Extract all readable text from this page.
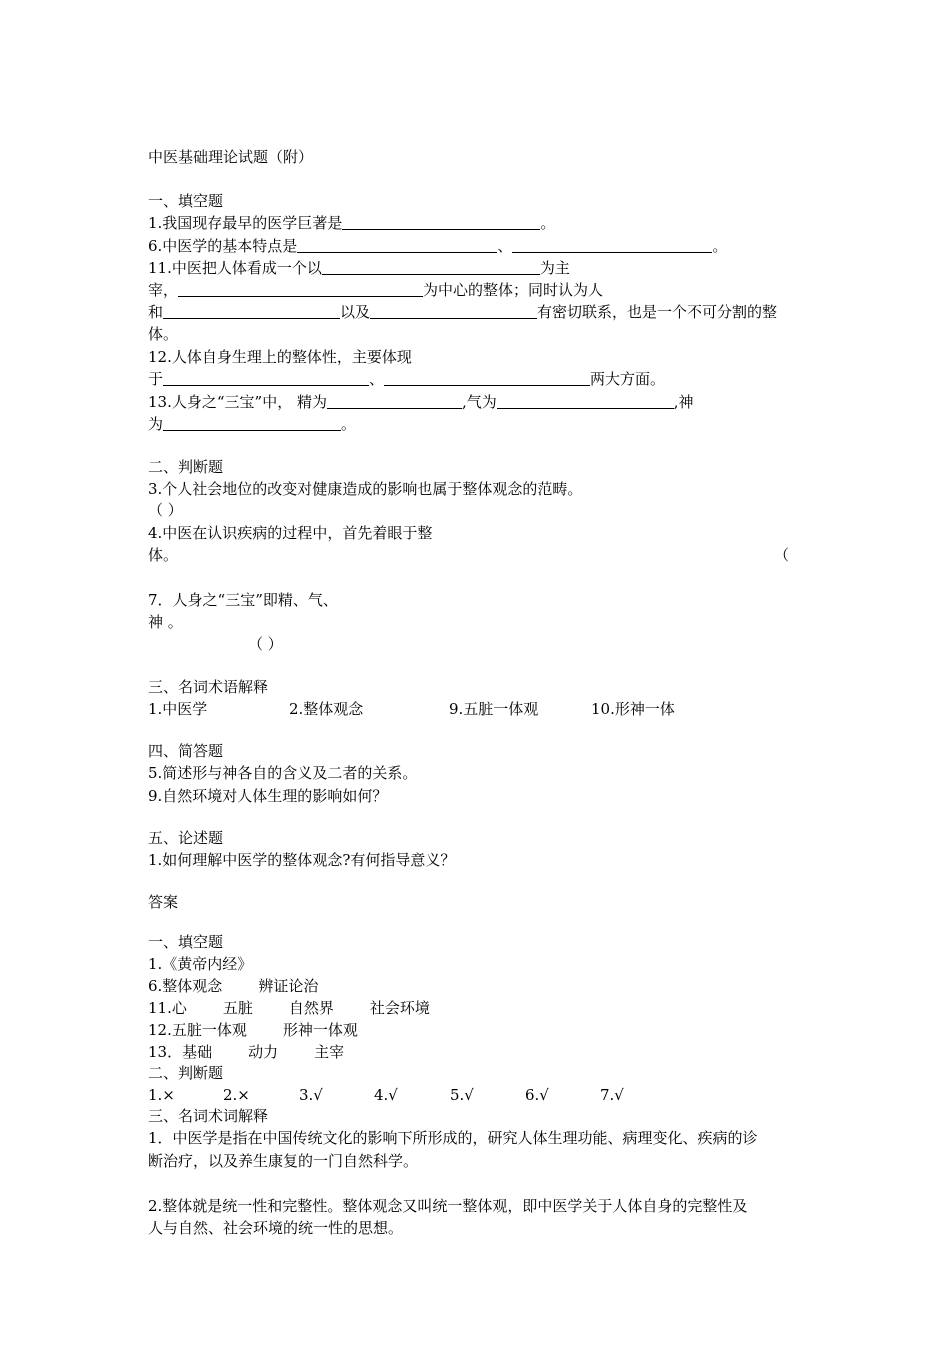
中医基础理论试题（附）
一、填空题
1.我国现存最早的医学巨著是	。
6.中医学的基本特点是	、	。
11.中医把人体看成一个以	为主
宰，	为中心的整体；同时认为人
和	以及	有密切联系，也是一个不可分割的整
体。
12.人体自身生理上的整体性，主要体现
于	、	两大方面。
13.人身之“三宝”中， 精为	,气为	,神
为	。
二、判断题
3.个人社会地位的改变对健康造成的影响也属于整体观念的范畴。
（ ）
4.中医在认识疾病的过程中，首先着眼于整
体。	（
7．人身之“三宝”即精、气、
神 。
（ ）
三、名词术语解释
1.中医学	2.整体观念	9.五脏一体观	10.形神一体
四、简答题
5.简述形与神各自的含义及二者的关系。
9.自然环境对人体生理的影响如何？
五、论述题
1.如何理解中医学的整体观念?有何指导意义？
答案
一、填空题
1.《黄帝内经》
6.整体观念 辨证论治
11.心 五脏 自然界 社会环境
12.五脏一体观 形神一体观
13．基础 动力 主宰
二、判断题
1.×	2.×	3.√	4.√	5.√	6.√	7.√
三、名词术词解释
1．中医学是指在中国传统文化的影响下所形成的，研究人体生理功能、病理变化、疾病的诊
断治疗，以及养生康复的一门自然科学。
2.整体就是统一性和完整性。整体观念又叫统一整体观，即中医学关于人体自身的完整性及
人与自然、社会环境的统一性的思想。
